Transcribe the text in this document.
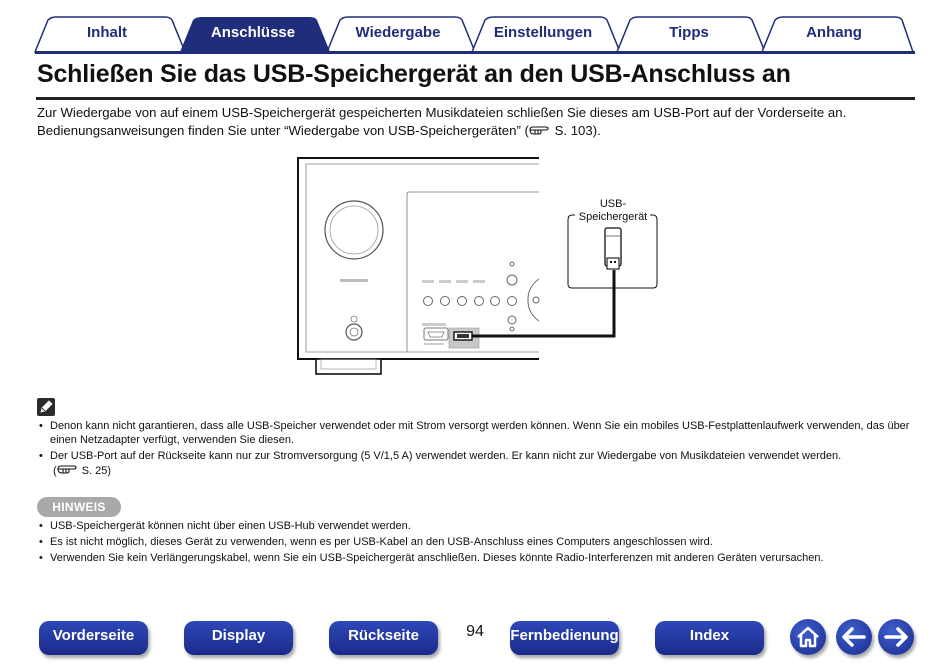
Inhalt	Anschlüsse	Wiedergabe	Einstellungen	Tipps	Anhang
Schließen Sie das USB-Speichergerät an den USB-Anschluss an
Zur Wiedergabe von auf einem USB-Speichergerät gespeicherten Musikdateien schließen Sie dieses am USB-Port auf der Vorderseite an.
Bedienungsanweisungen finden Sie unter “Wiedergabe von USB-Speichergeräten” ( S. 103).
USB-
Speichergerät
• Denon kann nicht garantieren, dass alle USB-Speicher verwendet oder mit Strom versorgt werden können. Wenn Sie ein mobiles USB-Festplattenlaufwerk verwenden, das über einen Netzadapter verfügt, verwenden Sie diesen.
• Der USB-Port auf der Rückseite kann nur zur Stromversorgung (5 V/1,5 A) verwendet werden. Er kann nicht zur Wiedergabe von Musikdateien verwendet werden.
( S. 25)
HINWEIS
• USB-Speichergerät können nicht über einen USB-Hub verwendet werden.
• Es ist nicht möglich, dieses Gerät zu verwenden, wenn es per USB-Kabel an den USB-Anschluss eines Computers angeschlossen wird.
• Verwenden Sie kein Verlängerungskabel, wenn Sie ein USB-Speichergerät anschließen. Dieses könnte Radio-Interferenzen mit anderen Geräten verursachen.
Vorderseite	Display	Rückseite	94	Fernbedienung	Index
